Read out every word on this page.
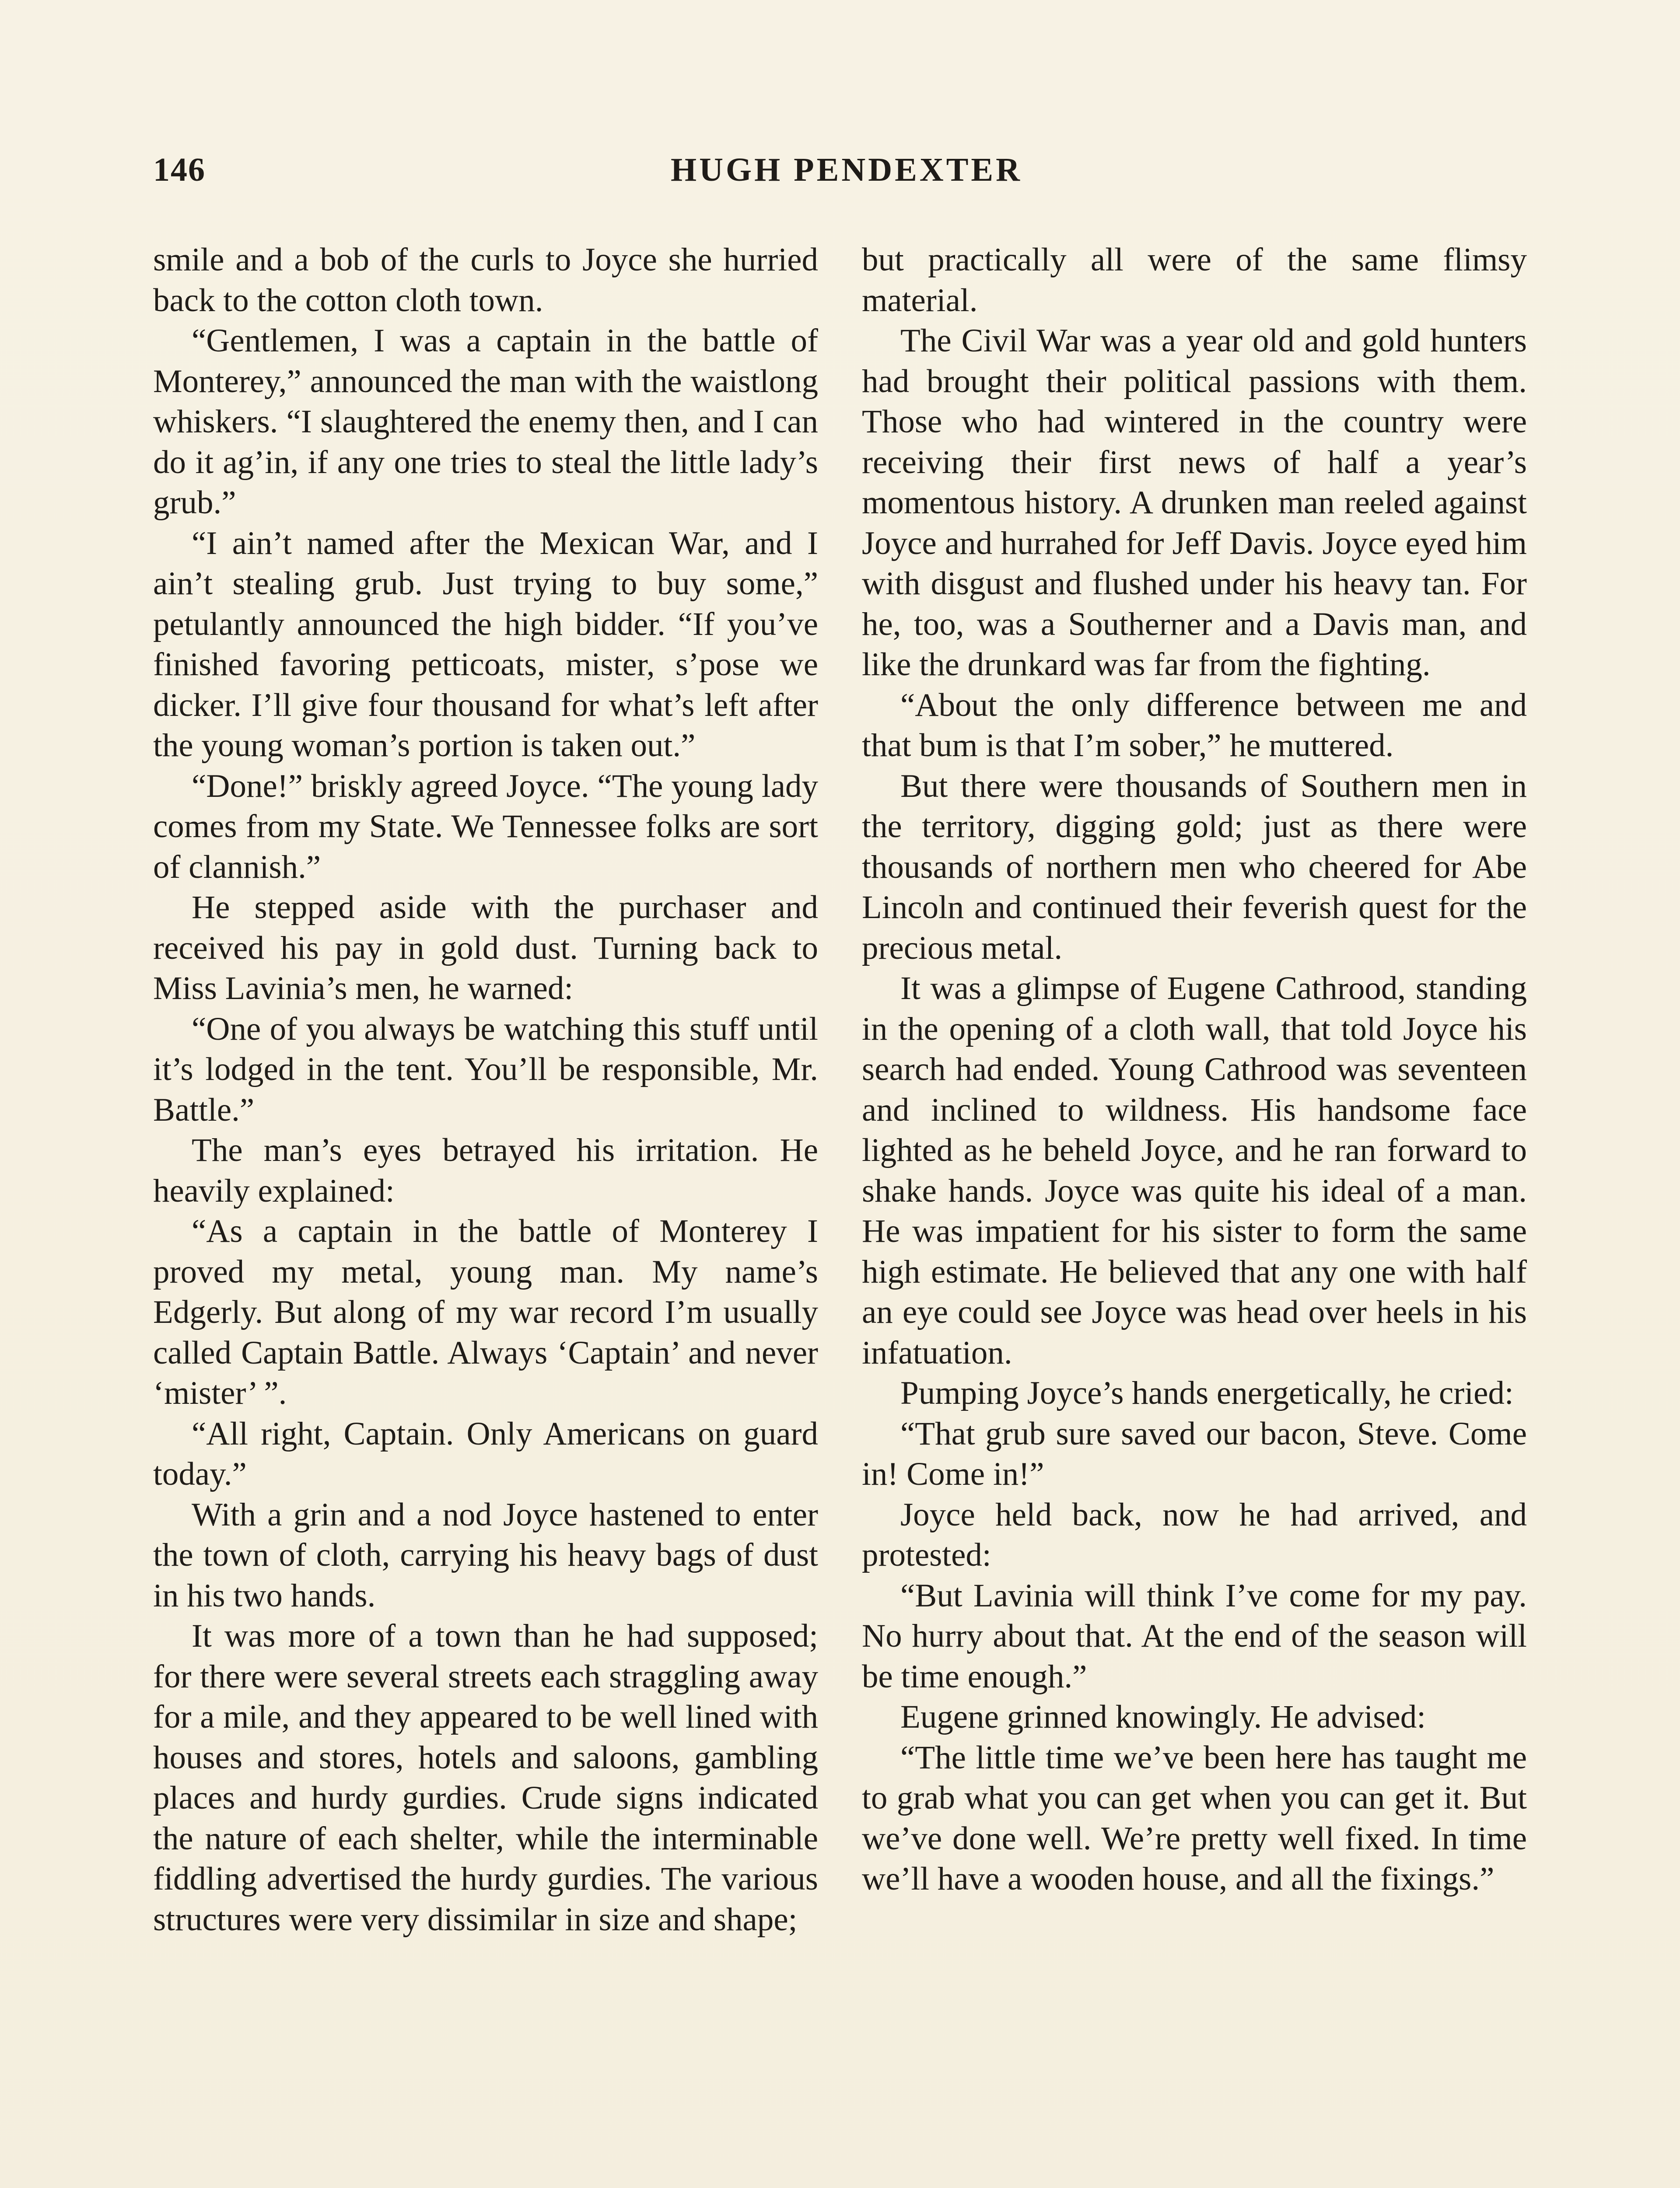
146	HUGH PENDEXTER

smile and a bob of the curls to Joyce she hurried back to the cotton cloth town.

“Gentlemen, I was a captain in the battle of Monterey,” announced the man with the waistlong whiskers. “I slaughtered the enemy then, and I can do it ag’in, if any one tries to steal the little lady’s grub.”

“I ain’t named after the Mexican War, and I ain’t stealing grub. Just trying to buy some,” petulantly announced the high bidder. “If you’ve finished favoring petticoats, mister, s’pose we dicker. I’ll give four thousand for what’s left after the young woman’s portion is taken out.”

“Done!” briskly agreed Joyce. “The young lady comes from my State. We Tennessee folks are sort of clannish.”

He stepped aside with the purchaser and received his pay in gold dust. Turning back to Miss Lavinia’s men, he warned:

“One of you always be watching this stuff until it’s lodged in the tent. You’ll be responsible, Mr. Battle.”

The man’s eyes betrayed his irritation. He heavily explained:

“As a captain in the battle of Monterey I proved my metal, young man. My name’s Edgerly. But along of my war record I’m usually called Captain Battle. Always ‘Captain’ and never ‘mister’ ”.

“All right, Captain. Only Americans on guard today.”

With a grin and a nod Joyce hastened to enter the town of cloth, carrying his heavy bags of dust in his two hands.

It was more of a town than he had supposed; for there were several streets each straggling away for a mile, and they appeared to be well lined with houses and stores, hotels and saloons, gambling places and hurdy gurdies. Crude signs indicated the nature of each shelter, while the interminable fiddling advertised the hurdy gurdies. The various structures were very dissimilar in size and shape;

but practically all were of the same flimsy material.

The Civil War was a year old and gold hunters had brought their political passions with them. Those who had wintered in the country were receiving their first news of half a year’s momentous history. A drunken man reeled against Joyce and hurrahed for Jeff Davis. Joyce eyed him with disgust and flushed under his heavy tan. For he, too, was a Southerner and a Davis man, and like the drunkard was far from the fighting.

“About the only difference between me and that bum is that I’m sober,” he muttered.

But there were thousands of Southern men in the territory, digging gold; just as there were thousands of northern men who cheered for Abe Lincoln and continued their feverish quest for the precious metal.

It was a glimpse of Eugene Cathrood, standing in the opening of a cloth wall, that told Joyce his search had ended. Young Cathrood was seventeen and inclined to wildness. His handsome face lighted as he beheld Joyce, and he ran forward to shake hands. Joyce was quite his ideal of a man. He was impatient for his sister to form the same high estimate. He believed that any one with half an eye could see Joyce was head over heels in his infatuation.

Pumping Joyce’s hands energetically, he cried:

“That grub sure saved our bacon, Steve. Come in! Come in!”

Joyce held back, now he had arrived, and protested:

“But Lavinia will think I’ve come for my pay. No hurry about that. At the end of the season will be time enough.”

Eugene grinned knowingly. He advised:

“The little time we’ve been here has taught me to grab what you can get when you can get it. But we’ve done well. We’re pretty well fixed. In time we’ll have a wooden house, and all the fixings.”
